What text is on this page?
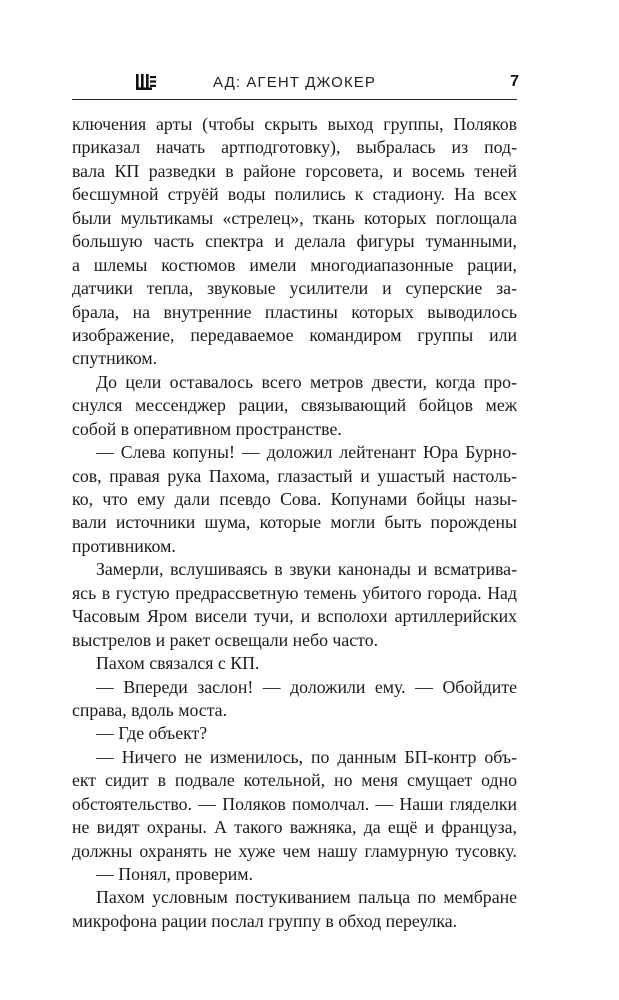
АД: АГЕНТ ДЖОКЕР	7
ключения арты (чтобы скрыть выход группы, Поляков
приказал начать артподготовку), выбралась из под-
вала КП разведки в районе горсовета, и восемь теней
бесшумной струёй воды полились к стадиону. На всех
были мультикамы «стрелец», ткань которых поглощала
большую часть спектра и делала фигуры туманными,
а шлемы костюмов имели многодиапазонные рации,
датчики тепла, звуковые усилители и суперские за-
брала, на внутренние пластины которых выводилось
изображение, передаваемое командиром группы или
спутником.
До цели оставалось всего метров двести, когда про-
снулся мессенджер рации, связывающий бойцов меж
собой в оперативном пространстве.
— Слева копуны! — доложил лейтенант Юра Бурно-
сов, правая рука Пахома, глазастый и ушастый настоль-
ко, что ему дали псевдо Сова. Копунами бойцы назы-
вали источники шума, которые могли быть порождены
противником.
Замерли, вслушиваясь в звуки канонады и всматрива-
ясь в густую предрассветную темень убитого города. Над
Часовым Яром висели тучи, и всполохи артиллерийских
выстрелов и ракет освещали небо часто.
Пахом связался с КП.
— Впереди заслон! — доложили ему. — Обойдите
справа, вдоль моста.
— Где объект?
— Ничего не изменилось, по данным БП-контр объ-
ект сидит в подвале котельной, но меня смущает одно
обстоятельство. — Поляков помолчал. — Наши гляделки
не видят охраны. А такого важняка, да ещё и француза,
должны охранять не хуже чем нашу гламурную тусовку.
— Понял, проверим.
Пахом условным постукиванием пальца по мембране
микрофона рации послал группу в обход переулка.
